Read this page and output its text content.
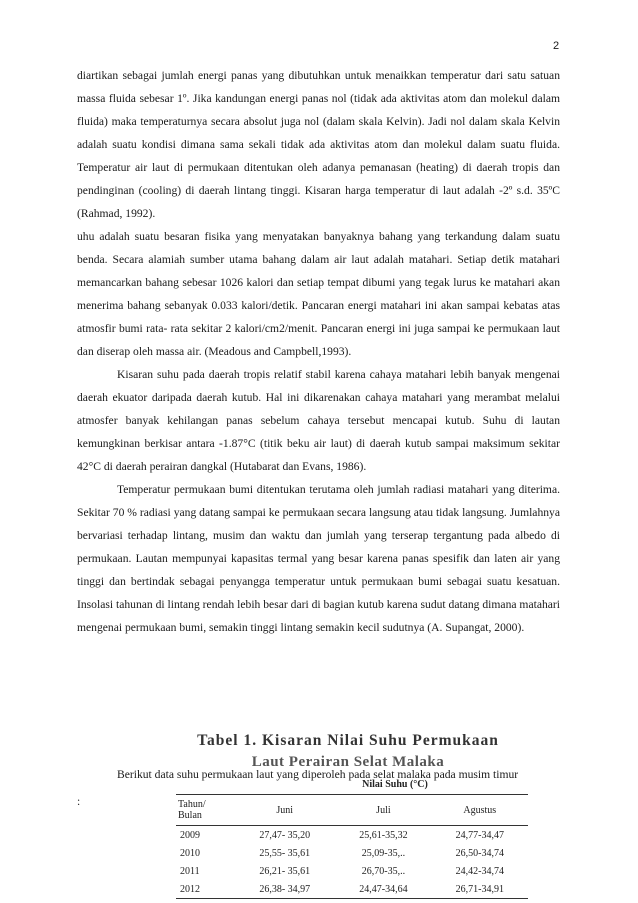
2

diartikan sebagai jumlah energi panas yang dibutuhkan untuk menaikkan temperatur dari satu satuan massa fluida sebesar 1º. Jika kandungan energi panas nol (tidak ada aktivitas atom dan molekul dalam fluida) maka temperaturnya secara absolut juga nol (dalam skala Kelvin). Jadi nol dalam skala Kelvin adalah suatu kondisi dimana sama sekali tidak ada aktivitas atom dan molekul dalam suatu fluida. Temperatur air laut di permukaan ditentukan oleh adanya pemanasan (heating) di daerah tropis dan pendinginan (cooling) di daerah lintang tinggi. Kisaran harga temperatur di laut adalah -2º s.d. 35ºC (Rahmad, 1992).

uhu adalah suatu besaran fisika yang menyatakan banyaknya bahang yang terkandung dalam suatu benda. Secara alamiah sumber utama bahang dalam air laut adalah matahari. Setiap detik matahari memancarkan bahang sebesar 1026 kalori dan setiap tempat dibumi yang tegak lurus ke matahari akan menerima bahang sebanyak 0.033 kalori/detik. Pancaran energi matahari ini akan sampai kebatas atas atmosfir bumi rata- rata sekitar 2 kalori/cm2/menit. Pancaran energi ini juga sampai ke permukaan laut dan diserap oleh massa air. (Meadous and Campbell,1993).

Kisaran suhu pada daerah tropis relatif stabil karena cahaya matahari lebih banyak mengenai daerah ekuator daripada daerah kutub. Hal ini dikarenakan cahaya matahari yang merambat melalui atmosfer banyak kehilangan panas sebelum cahaya tersebut mencapai kutub. Suhu di lautan kemungkinan berkisar antara -1.87°C (titik beku air laut) di daerah kutub sampai maksimum sekitar 42°C di daerah perairan dangkal (Hutabarat dan Evans, 1986).

Temperatur permukaan bumi ditentukan terutama oleh jumlah radiasi matahari yang diterima. Sekitar 70 % radiasi yang datang sampai ke permukaan secara langsung atau tidak langsung. Jumlahnya bervariasi terhadap lintang, musim dan waktu dan jumlah yang terserap tergantung pada albedo di permukaan. Lautan mempunyai kapasitas termal yang besar karena panas spesifik dan laten air yang tinggi dan bertindak sebagai penyangga temperatur untuk permukaan bumi sebagai suatu kesatuan. Insolasi tahunan di lintang rendah lebih besar dari di bagian kutub karena sudut datang dimana matahari mengenai permukaan bumi, semakin tinggi lintang semakin kecil sudutnya (A. Supangat, 2000).

Tabel 1. Kisaran Nilai Suhu Permukaan
Laut Perairan Selat Malaka
Nilai Suhu (°C)
Tahun/
Bulan	Juni	Juli	Agustus
2009	27,47- 35,20	25,61-35,32	24,77-34,47
2010	25,55- 35,61	25,09-35,..	26,50-34,74
2011	26,21- 35,61	26,70-35,..	24,42-34,74
2012	26,38- 34,97	24,47-34,64	26,71-34,91
Berikut data suhu permukaan laut yang diperoleh pada selat malaka pada musim timur
:
